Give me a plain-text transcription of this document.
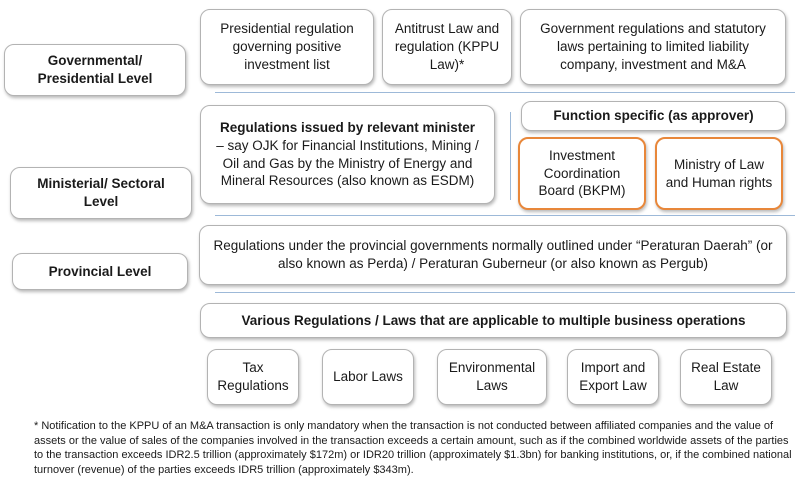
Governmental/ Presidential Level
Ministerial/ Sectoral Level
Provincial Level
Presidential regulation governing positive investment list
Antitrust Law and regulation (KPPU Law)*
Government regulations and statutory laws pertaining to limited liability company, investment and M&A
Regulations issued by relevant minister
– say OJK for Financial Institutions, Mining / Oil and Gas by the Ministry of Energy and Mineral Resources (also known as ESDM)
Function specific (as approver)
Investment Coordination Board (BKPM)
Ministry of Law and Human rights
Regulations under the provincial governments normally outlined under “Peraturan Daerah” (or also known as Perda) / Peraturan Guberneur (or also known as Pergub)
Various Regulations / Laws that are applicable to multiple business operations
Tax Regulations
Labor Laws
Environmental Laws
Import and Export Law
Real Estate Law
* Notification to the KPPU of an M&A transaction is only mandatory when the transaction is not conducted between affiliated companies and the value of assets or the value of sales of the companies involved in the transaction exceeds a certain amount, such as if the combined worldwide assets of the parties to the transaction exceeds IDR2.5 trillion (approximately $172m) or IDR20 trillion (approximately $1.3bn) for banking institutions, or, if the combined national turnover (revenue) of the parties exceeds IDR5 trillion (approximately $343m).
